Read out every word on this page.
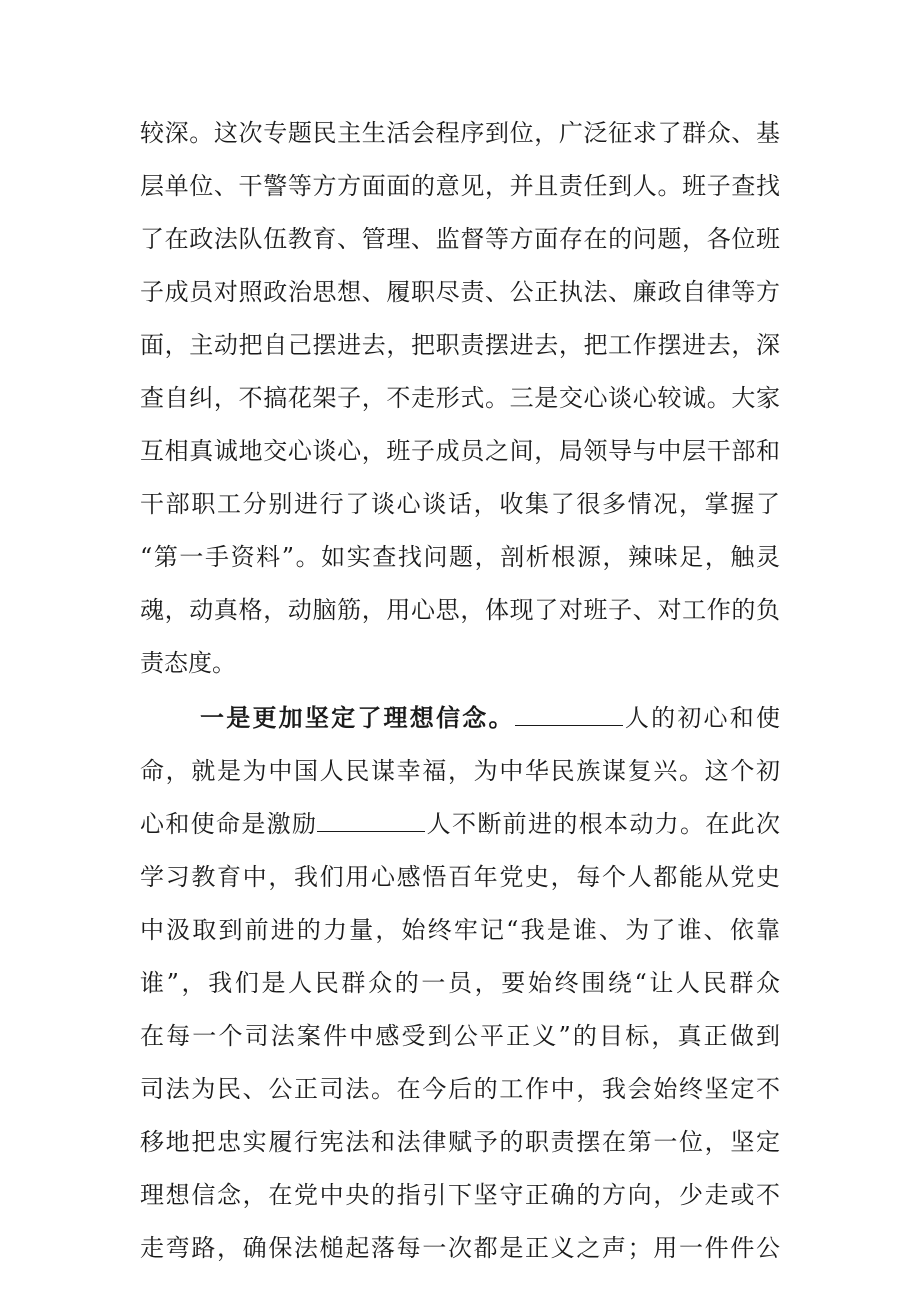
较深。这次专题民主生活会程序到位，广泛征求了群众、基
层单位、干警等方方面面的意见，并且责任到人。班子查找
了在政法队伍教育、管理、监督等方面存在的问题，各位班
子成员对照政治思想、履职尽责、公正执法、廉政自律等方
面，主动把自己摆进去，把职责摆进去，把工作摆进去，深
查自纠，不搞花架子，不走形式。三是交心谈心较诚。大家
互相真诚地交心谈心，班子成员之间，局领导与中层干部和
干部职工分别进行了谈心谈话，收集了很多情况，掌握了
“第一手资料”。如实查找问题，剖析根源，辣味足，触灵
魂，动真格，动脑筋，用心思，体现了对班子、对工作的负
责态度。
一是更加坚定了理想信念。	人的初心和使
命，就是为中国人民谋幸福，为中华民族谋复兴。这个初
心和使命是激励	人不断前进的根本动力。在此次
学习教育中，我们用心感悟百年党史，每个人都能从党史
中汲取到前进的力量，始终牢记“我是谁、为了谁、依靠
谁”，我们是人民群众的一员，要始终围绕“让人民群众
在每一个司法案件中感受到公平正义”的目标，真正做到
司法为民、公正司法。在今后的工作中，我会始终坚定不
移地把忠实履行宪法和法律赋予的职责摆在第一位，坚定
理想信念，在党中央的指引下坚守正确的方向，少走或不
走弯路，确保法槌起落每一次都是正义之声；用一件件公
